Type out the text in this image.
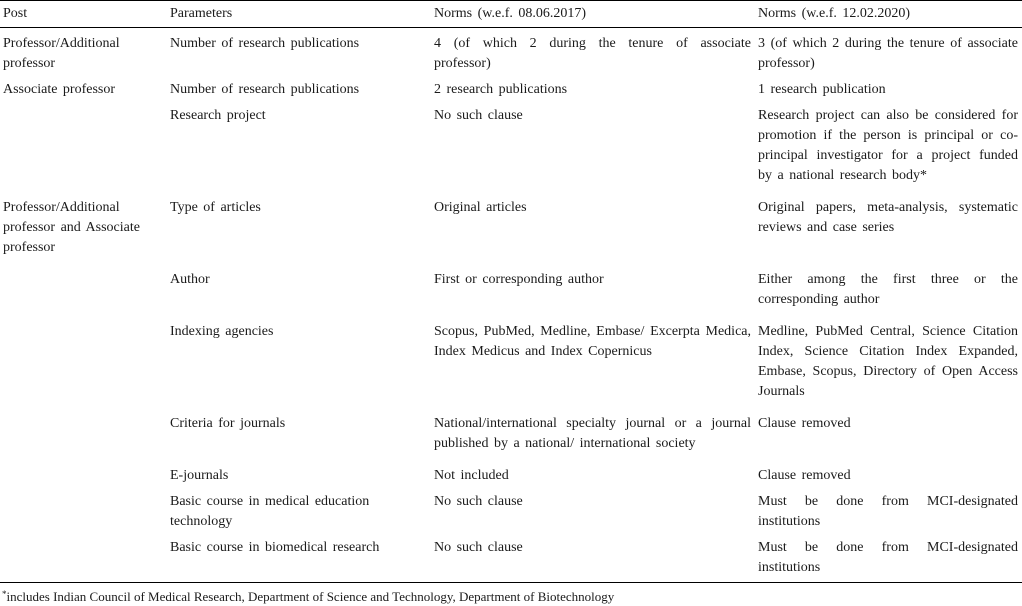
Post	Parameters	Norms (w.e.f. 08.06.2017)	Norms (w.e.f. 12.02.2020)
Professor/Additional professor	Number of research publications	4 (of which 2 during the tenure of associate professor)	3 (of which 2 during the tenure of associate professor)
Associate professor	Number of research publications	2 research publications	1 research publication
	Research project	No such clause	Research project can also be considered for promotion if the person is principal or co-principal investigator for a project funded by a national research body*
Professor/Additional professor and Associate professor	Type of articles	Original articles	Original papers, meta-analysis, systematic reviews and case series
	Author	First or corresponding author	Either among the first three or the corresponding author
	Indexing agencies	Scopus, PubMed, Medline, Embase/ Excerpta Medica, Index Medicus and Index Copernicus	Medline, PubMed Central, Science Citation Index, Science Citation Index Expanded, Embase, Scopus, Directory of Open Access Journals
	Criteria for journals	National/international specialty journal or a journal published by a national/ international society	Clause removed
	E-journals	Not included	Clause removed
	Basic course in medical education technology	No such clause	Must be done from MCI-designated institutions
	Basic course in biomedical research	No such clause	Must be done from MCI-designated institutions
*includes Indian Council of Medical Research, Department of Science and Technology, Department of Biotechnology
